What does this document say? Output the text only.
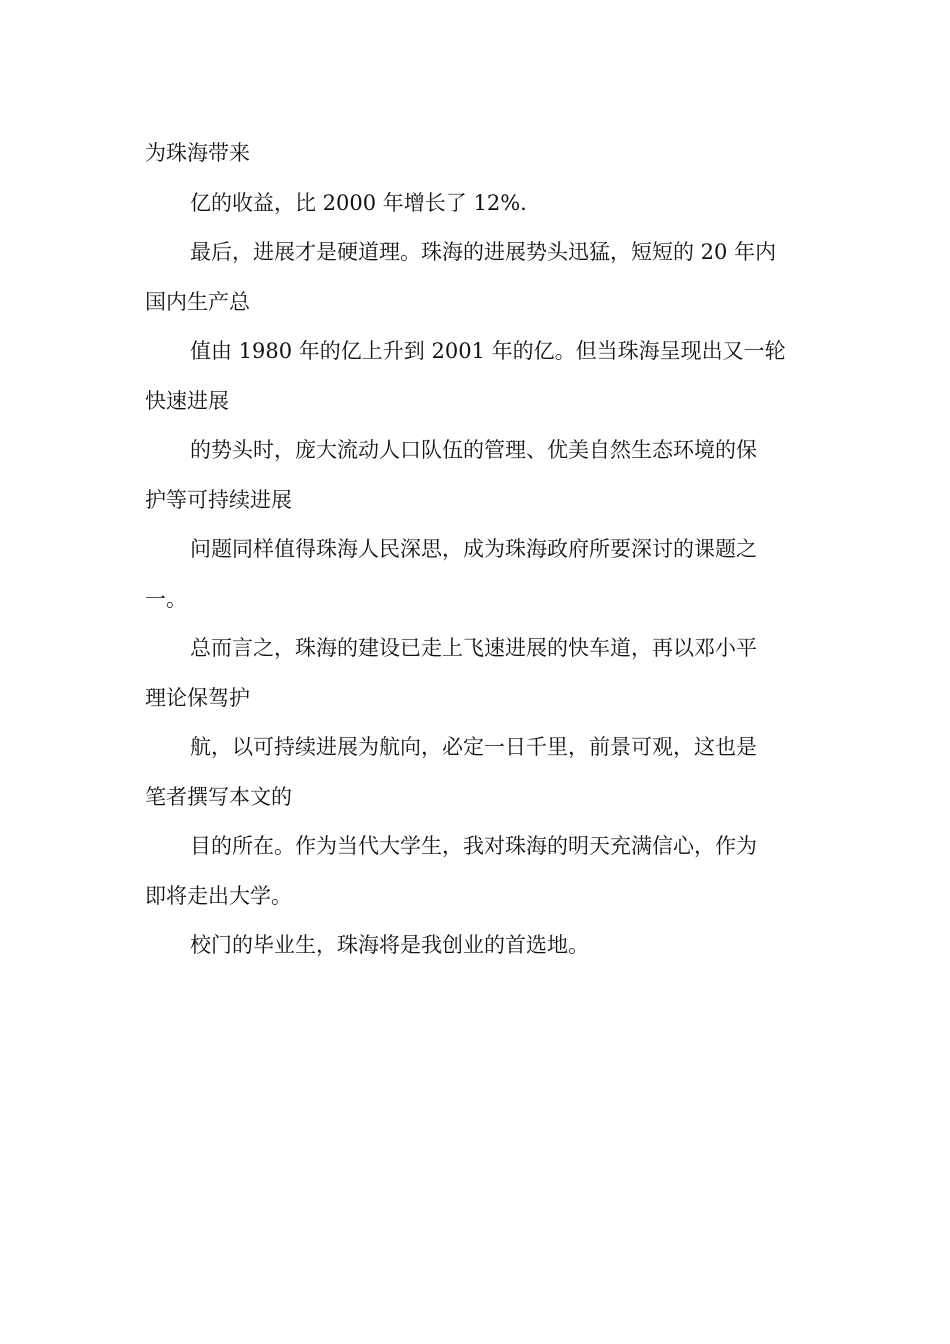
为珠海带来
亿的收益，比 2000 年增长了 12%.
最后，进展才是硬道理。珠海的进展势头迅猛，短短的 20 年内
国内生产总
值由 1980 年的亿上升到 2001 年的亿。但当珠海呈现出又一轮
快速进展
的势头时，庞大流动人口队伍的管理、优美自然生态环境的保
护等可持续进展
问题同样值得珠海人民深思，成为珠海政府所要深讨的课题之
一。
总而言之，珠海的建设已走上飞速进展的快车道，再以邓小平
理论保驾护
航，以可持续进展为航向，必定一日千里，前景可观，这也是
笔者撰写本文的
目的所在。作为当代大学生，我对珠海的明天充满信心，作为
即将走出大学。
校门的毕业生，珠海将是我创业的首选地。
